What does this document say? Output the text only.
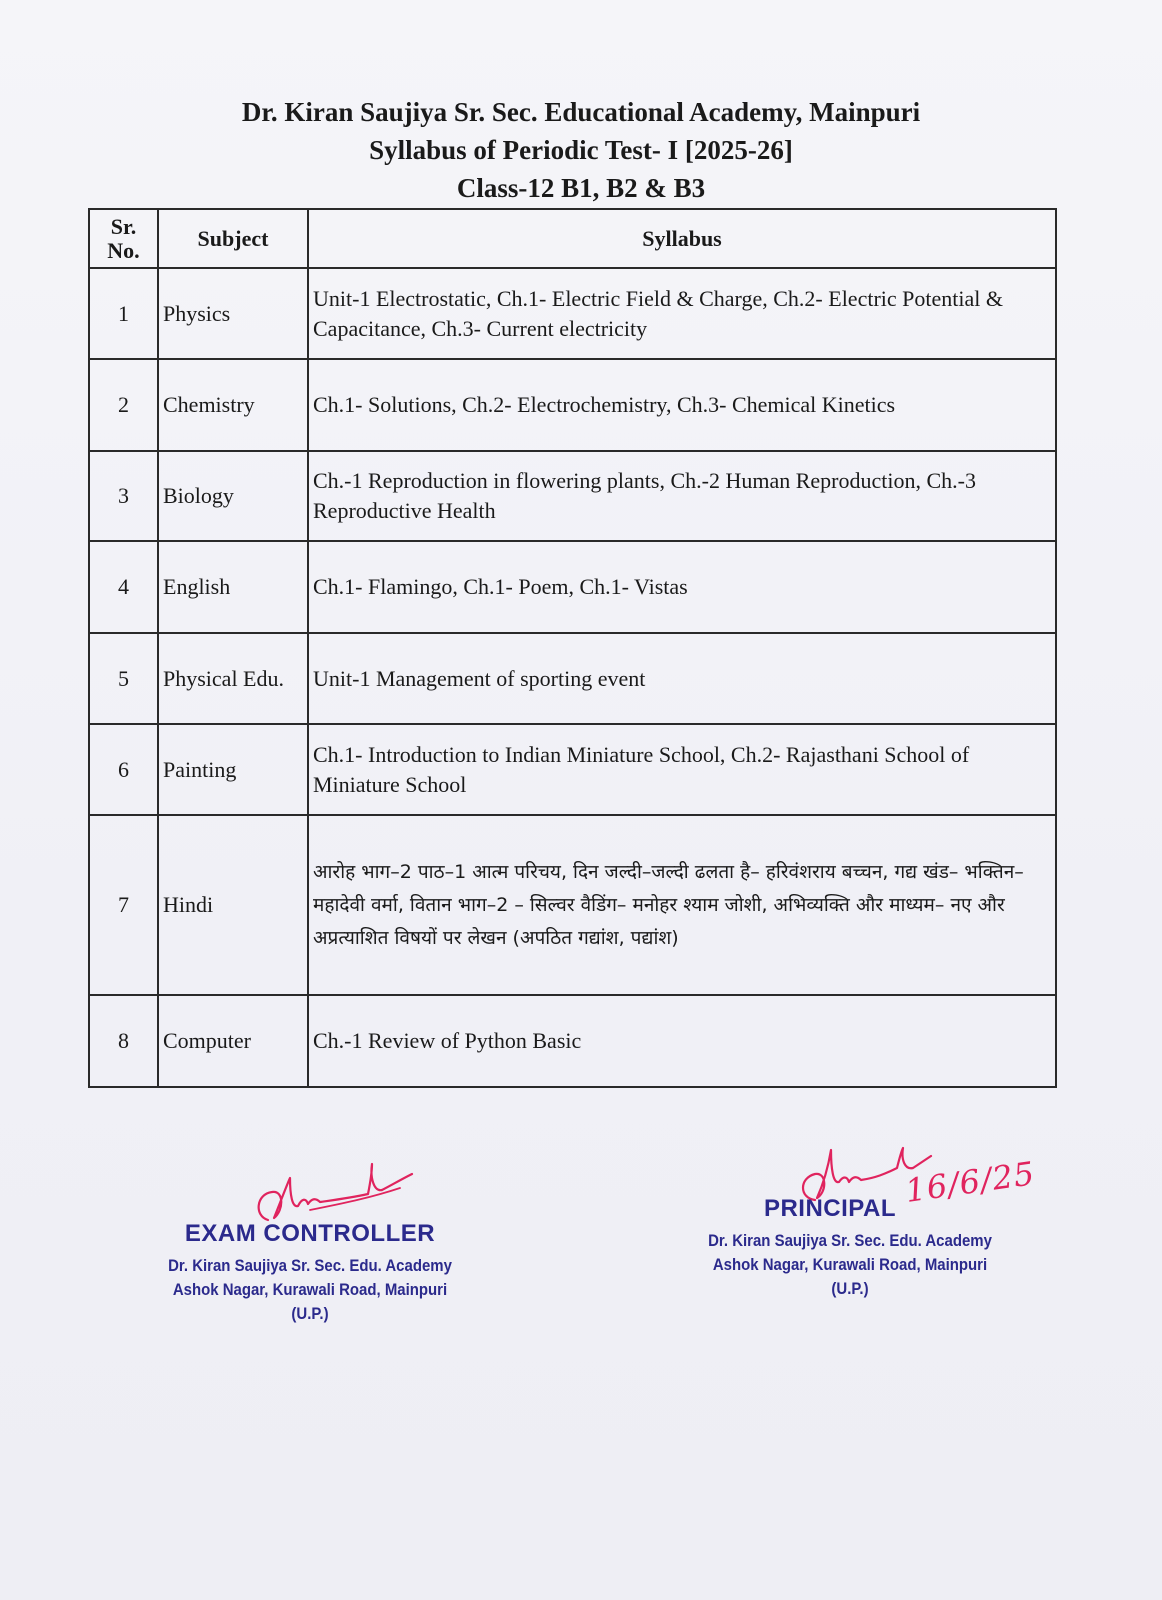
Dr. Kiran Saujiya Sr. Sec. Educational Academy, Mainpuri
Syllabus of Periodic Test- I [2025-26]
Class-12 B1, B2 & B3
Sr. No.	Subject	Syllabus
1	Physics	Unit-1 Electrostatic, Ch.1- Electric Field & Charge, Ch.2- Electric Potential & Capacitance, Ch.3- Current electricity
2	Chemistry	Ch.1- Solutions, Ch.2- Electrochemistry, Ch.3- Chemical Kinetics
3	Biology	Ch.-1 Reproduction in flowering plants, Ch.-2 Human Reproduction, Ch.-3 Reproductive Health
4	English	Ch.1- Flamingo, Ch.1- Poem, Ch.1- Vistas
5	Physical Edu.	Unit-1 Management of sporting event
6	Painting	Ch.1- Introduction to Indian Miniature School, Ch.2- Rajasthani School of Miniature School
7	Hindi	आरोह भाग–2 पाठ–1 आत्म परिचय, दिन जल्दी–जल्दी ढलता है– हरिवंशराय बच्चन, गद्य खंड– भक्तिन– महादेवी वर्मा, वितान भाग–2 – सिल्वर वैडिंग– मनोहर श्याम जोशी, अभिव्यक्ति और माध्यम– नए और अप्रत्याशित विषयों पर लेखन (अपठित गद्यांश, पद्यांश)
8	Computer	Ch.-1 Review of Python Basic
EXAM CONTROLLER
Dr. Kiran Saujiya Sr. Sec. Edu. Academy
Ashok Nagar, Kurawali Road, Mainpuri (U.P.)
16/6/25
PRINCIPAL
Dr. Kiran Saujiya Sr. Sec. Edu. Academy
Ashok Nagar, Kurawali Road, Mainpuri (U.P.)
